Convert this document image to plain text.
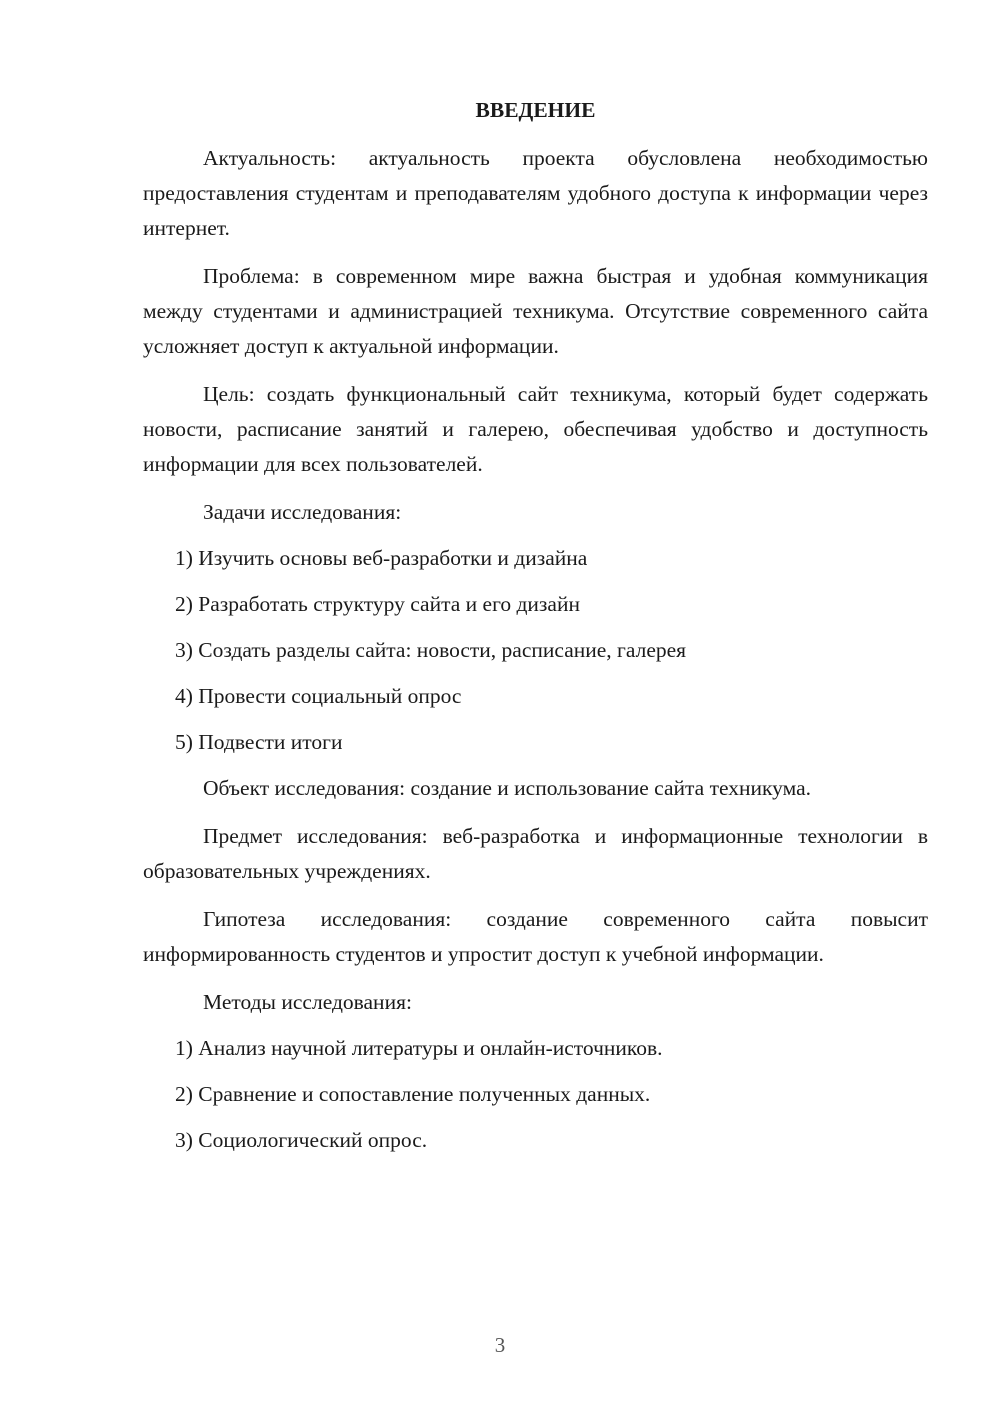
ВВЕДЕНИЕ

Актуальность: актуальность проекта обусловлена необходимостью предоставления студентам и преподавателям удобного доступа к информации через интернет.

Проблема: в современном мире важна быстрая и удобная коммуникация между студентами и администрацией техникума. Отсутствие современного сайта усложняет доступ к актуальной информации.

Цель: создать функциональный сайт техникума, который будет содержать новости, расписание занятий и галерею, обеспечивая удобство и доступность информации для всех пользователей.

Задачи исследования:
1) Изучить основы веб-разработки и дизайна
2) Разработать структуру сайта и его дизайн
3) Создать разделы сайта: новости, расписание, галерея
4) Провести социальный опрос
5) Подвести итоги

Объект исследования: создание и использование сайта техникума.

Предмет исследования: веб-разработка и информационные технологии в образовательных учреждениях.

Гипотеза исследования: создание современного сайта повысит информированность студентов и упростит доступ к учебной информации.

Методы исследования:
1) Анализ научной литературы и онлайн-источников.
2) Сравнение и сопоставление полученных данных.
3) Социологический опрос.
3
